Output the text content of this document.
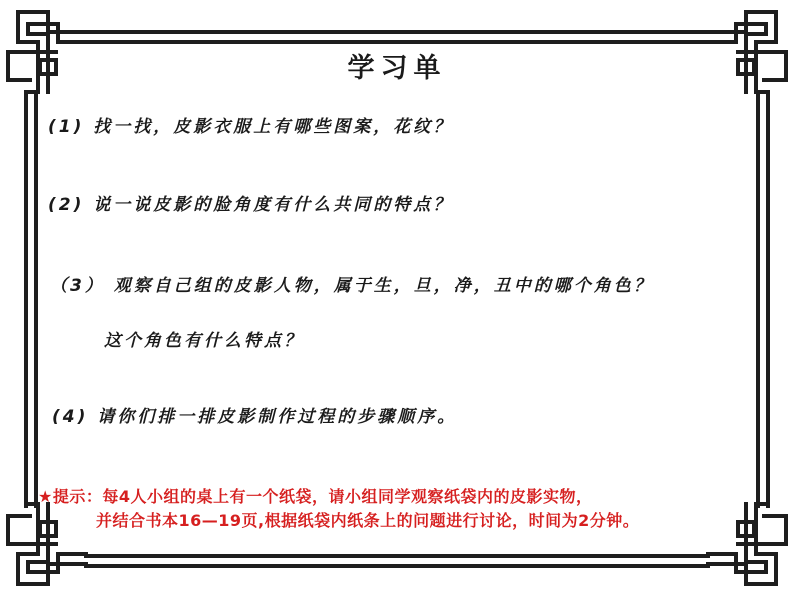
学习单
(1) 找一找，皮影衣服上有哪些图案，花纹？
(2) 说一说皮影的脸角度有什么共同的特点？
（3） 观察自己组的皮影人物，属于生，旦，净，丑中的哪个角色？
这个角色有什么特点？
(4) 请你们排一排皮影制作过程的步骤顺序。
★提示：每4人小组的桌上有一个纸袋，请小组同学观察纸袋内的皮影实物，
并结合书本16—19页,根据纸袋内纸条上的问题进行讨论，时间为2分钟。
